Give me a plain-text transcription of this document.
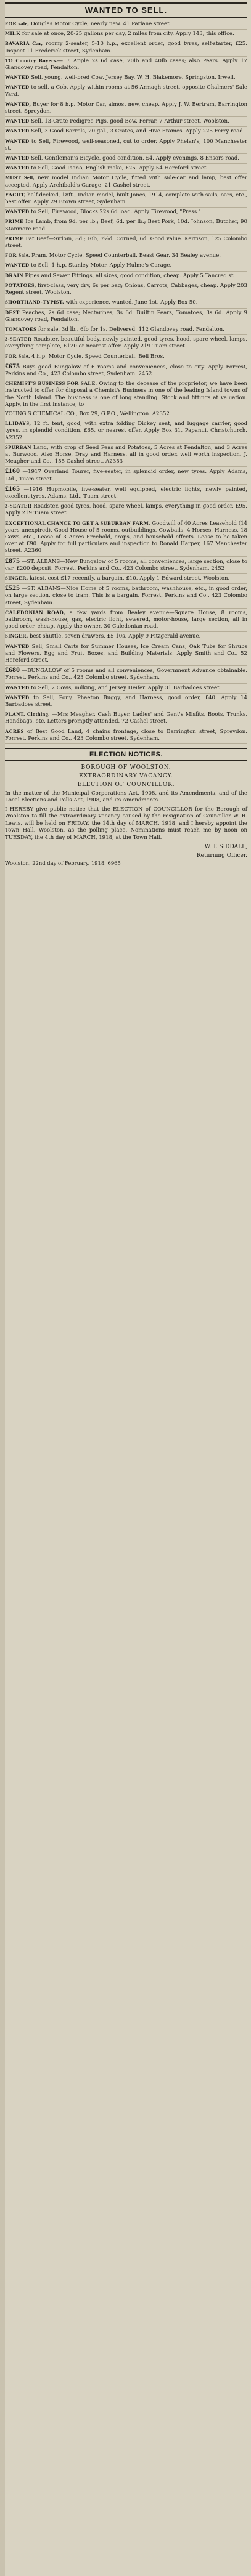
WANTED TO SELL.

FOR sale, Douglas Motor Cycle, nearly new. 41 Parlane street.

MILK for sale at once, 20-25 gallons per day, 2 miles from city. Apply 143, this office.

BAVARIA Car, roomy 2-seater, 5-10 h.p., excellent order, good tyres, self-starter, £25. Inspect 11 Frederick street, Sydenham.

TO Country Buyers.— F. Apple 2s 6d case, 20lb and 40lb cases; also Pears. Apply 17 Glandovey road, Fendalton.

WANTED Sell, young, well-bred Cow, Jersey Bay. W. H. Blakemore, Springston, Irwell.

WANTED to sell, a Cob. Apply within rooms at 56 Armagh street, opposite Chalmers' Sale Yard.

WANTED, Buyer for 8 h.p. Motor Car, almost new, cheap. Apply J. W. Bertram, Barrington street, Spreydon.

WANTED Sell, 13-Crate Pedigree Pigs, good Bow. Ferrar, 7 Arthur street, Woolston.

WANTED Sell, 3 Good Barrels, 20 gal., 3 Crates, and Hive Frames. Apply 225 Ferry road.

WANTED to Sell, Firewood, well-seasoned, cut to order. Apply Phelan's, 100 Manchester st.

WANTED Sell, Gentleman's Bicycle, good condition, £4. Apply evenings, 8 Ensors road.

WANTED to Sell, Good Piano, English make, £25. Apply 54 Hereford street.

MUST Sell, new model Indian Motor Cycle, fitted with side-car and lamp, best offer accepted. Apply Archibald's Garage, 21 Cashel street.

YACHT, half-decked, 18ft., Indian model, built Jones, 1914, complete with sails, oars, etc., best offer. Apply 29 Brown street, Sydenham.

WANTED to Sell, Firewood, Blocks 22s 6d load. Apply Firewood, "Press."

PRIME Ice Lamb, from 9d. per lb.; Beef, 6d. per lb.; Best Pork, 10d. Johnson, Butcher, 90 Stanmore road.

PRIME Fat Beef—Sirloin, 8d.; Rib, 7½d. Corned, 6d. Good value. Kerrison, 125 Colombo street.

FOR Sale, Pram, Motor Cycle, Speed Counterball. Beast Gear, 34 Bealey avenue.

WANTED to Sell, 1 h.p. Stanley Motor. Apply Hulme's Garage.

DRAIN Pipes and Sewer Fittings, all sizes, good condition, cheap. Apply 5 Tancred st.

POTATOES, first-class, very dry, 6s per bag; Onions, Carrots, Cabbages, cheap. Apply 203 Regent street, Woolston.

SHORTHAND-TYPIST, with experience, wanted, June 1st. Apply Box 50.

DEST Peaches, 2s 6d case; Nectarines, 3s 6d. Builtin Pears, Tomatoes, 3s 6d. Apply 9 Glandovey road, Fendalton.

TOMATOES for sale, 3d lb., 6lb for 1s. Delivered. 112 Glandovey road, Fendalton.

3-SEATER Roadster, beautiful body, newly painted, good tyres, hood, spare wheel, lamps, everything complete, £120 or nearest offer. Apply 219 Tuam street.

FOR Sale, 4 h.p. Motor Cycle, Speed Counterball. Bell Bros.

£675 Buys good Bungalow of 6 rooms and conveniences, close to city. Apply Forrest, Perkins and Co., 423 Colombo street, Sydenham. 2452

CHEMIST'S BUSINESS FOR SALE. Owing to the decease of the proprietor, we have been instructed to offer for disposal a Chemist's Business in one of the leading Island towns of the North Island. The business is one of long standing. Stock and fittings at valuation. Apply, in the first instance, to

YOUNG'S CHEMICAL CO., Box 29, G.P.O., Wellington. A2352

LLIDAYS, 12 ft. tent, good, with extra folding Dickey seat, and luggage carrier, good tyres, in splendid condition, £65, or nearest offer. Apply Box 31, Papanui, Christchurch. A2352

SPURBAN Land, with crop of Seed Peas and Potatoes, 5 Acres at Fendalton, and 3 Acres at Burwood. Also Horse, Dray and Harness, all in good order, well worth inspection. J. Meagher and Co., 155 Cashel street. A2353

£160 —1917 Overland Tourer, five-seater, in splendid order, new tyres. Apply Adams, Ltd., Tuam street.

£165 —1916 Hupmobile, five-seater, well equipped, electric lights, newly painted, excellent tyres. Adams, Ltd., Tuam street.

3-SEATER Roadster, good tyres, hood, spare wheel, lamps, everything in good order, £95. Apply 219 Tuam street.

EXCEPTIONAL CHANCE TO GET A SUBURBAN FARM. Goodwill of 40 Acres Leasehold (14 years unexpired), Good House of 5 rooms, outbuildings, Cowbails, 4 Horses, Harness, 18 Cows, etc., Lease of 3 Acres Freehold, crops, and household effects. Lease to be taken over at £90. Apply for full particulars and inspection to Ronald Harper, 167 Manchester street. A2360

£875 —ST. ALBANS—New Bungalow of 5 rooms, all conveniences, large section, close to car, £200 deposit. Forrest, Perkins and Co., 423 Colombo street, Sydenham. 2452

SINGER, latest, cost £17 recently, a bargain, £10. Apply 1 Edward street, Woolston.

£525 —ST. ALBANS—Nice Home of 5 rooms, bathroom, washhouse, etc., in good order, on large section, close to tram. This is a bargain. Forrest, Perkins and Co., 423 Colombo street, Sydenham.

CALEDONIAN ROAD, a few yards from Bealey avenue—Square House, 8 rooms, bathroom, wash-house, gas, electric light, sewered, motor-house, large section, all in good order, cheap. Apply the owner, 30 Caledonian road.

SINGER, best shuttle, seven drawers, £5 10s. Apply 9 Fitzgerald avenue.

WANTED Sell, Small Carts for Summer Houses, Ice Cream Cans, Oak Tubs for Shrubs and Flowers, Egg and Fruit Boxes, and Building Materials. Apply Smith and Co., 52 Hereford street.

£680 —BUNGALOW of 5 rooms and all conveniences, Government Advance obtainable. Forrest, Perkins and Co., 423 Colombo street, Sydenham.

WANTED to Sell, 2 Cows, milking, and Jersey Heifer. Apply 31 Barbadoes street.

WANTED to Sell, Pony, Phaeton Buggy, and Harness, good order, £40. Apply 14 Barbadoes street.

PLANT, Clothing. —Mrs Meagher, Cash Buyer, Ladies' and Gent's Misfits, Boots, Trunks, Handbags, etc. Letters promptly attended. 72 Cashel street.

ACRES of Best Good Land, 4 chains frontage, close to Barrington street, Spreydon. Forrest, Perkins and Co., 423 Colombo street, Sydenham.

ELECTION NOTICES.
BOROUGH OF WOOLSTON.
EXTRAORDINARY VACANCY.
ELECTION OF COUNCILLOR.

In the matter of the Municipal Corporations Act, 1908, and its Amendments, and of the Local Elections and Polls Act, 1908, and its Amendments.

I HEREBY give public notice that the ELECTION of COUNCILLOR for the Borough of Woolston to fill the extraordinary vacancy caused by the resignation of Councillor W. R. Lewis, will be held on FRIDAY, the 14th day of MARCH, 1918, and I hereby appoint the Town Hall, Woolston, as the polling place. Nominations must reach me by noon on TUESDAY, the 4th day of MARCH, 1918, at the Town Hall.

W. T. SIDDALL,
Returning Officer.
Woolston, 22nd day of February, 1918. 6965
